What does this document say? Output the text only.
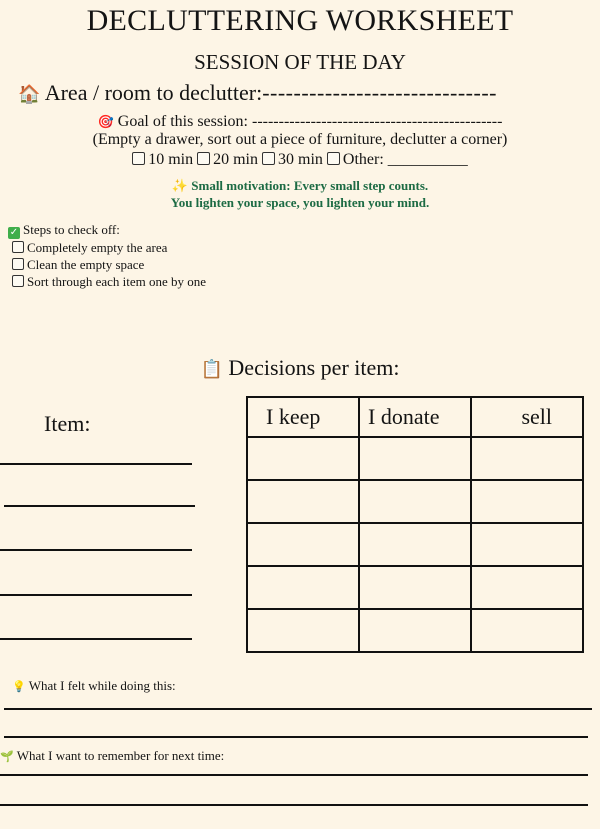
DECLUTTERING WORKSHEET
SESSION OF THE DAY
🏠 Area / room to declutter:------------------------------
🎯 Goal of this session: -----------------------------------------------
(Empty a drawer, sort out a piece of furniture, declutter a corner)
10 min 20 min 30 min Other: __________
✨ Small motivation: Every small step counts.
You lighten your space, you lighten your mind.
✓ Steps to check off:
Completely empty the area
Clean the empty space
Sort through each item one by one
📋 Decisions per item:
Item:	I keep	I donate	sell

💡 What I felt while doing this:
🌱 What I want to remember for next time:
